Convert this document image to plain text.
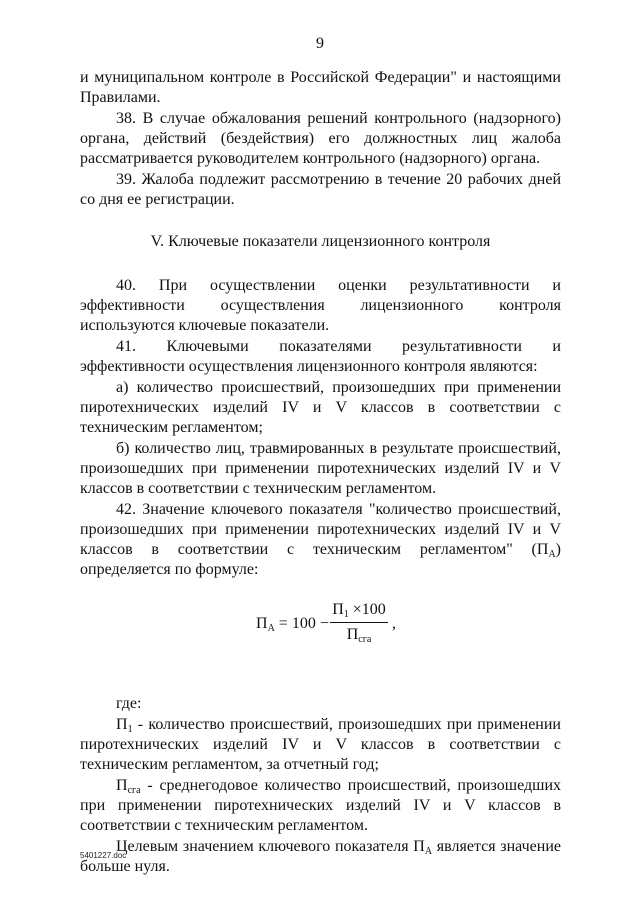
9

и муниципальном контроле в Российской Федерации" и настоящими Правилами.

38. В случае обжалования решений контрольного (надзорного) органа, действий (бездействия) его должностных лиц жалоба рассматривается руководителем контрольного (надзорного) органа.

39. Жалоба подлежит рассмотрению в течение 20 рабочих дней со дня ее регистрации.

V. Ключевые показатели лицензионного контроля

40. При осуществлении оценки результативности и эффективности осуществления лицензионного контроля используются ключевые показатели.

41. Ключевыми показателями результативности и эффективности осуществления лицензионного контроля являются:

а) количество происшествий, произошедших при применении пиротехнических изделий IV и V классов в соответствии с техническим регламентом;

б) количество лиц, травмированных в результате происшествий, произошедших при применении пиротехнических изделий IV и V классов в соответствии с техническим регламентом.

42. Значение ключевого показателя "количество происшествий, произошедших при применении пиротехнических изделий IV и V классов в соответствии с техническим регламентом" $(П_А)$ определяется по формуле:

$П_А = 100$ −
$П_1 \times 100$
$П_{сга}$
,

где:

$П_1$ - количество происшествий, произошедших при применении пиротехнических изделий IV и V классов в соответствии с техническим регламентом, за отчетный год;

$П_{сга}$ - среднегодовое количество происшествий, произошедших при применении пиротехнических изделий IV и V классов в соответствии с техническим регламентом.

Целевым значением ключевого показателя $П_А$ является значение больше нуля.

5401227.doc
